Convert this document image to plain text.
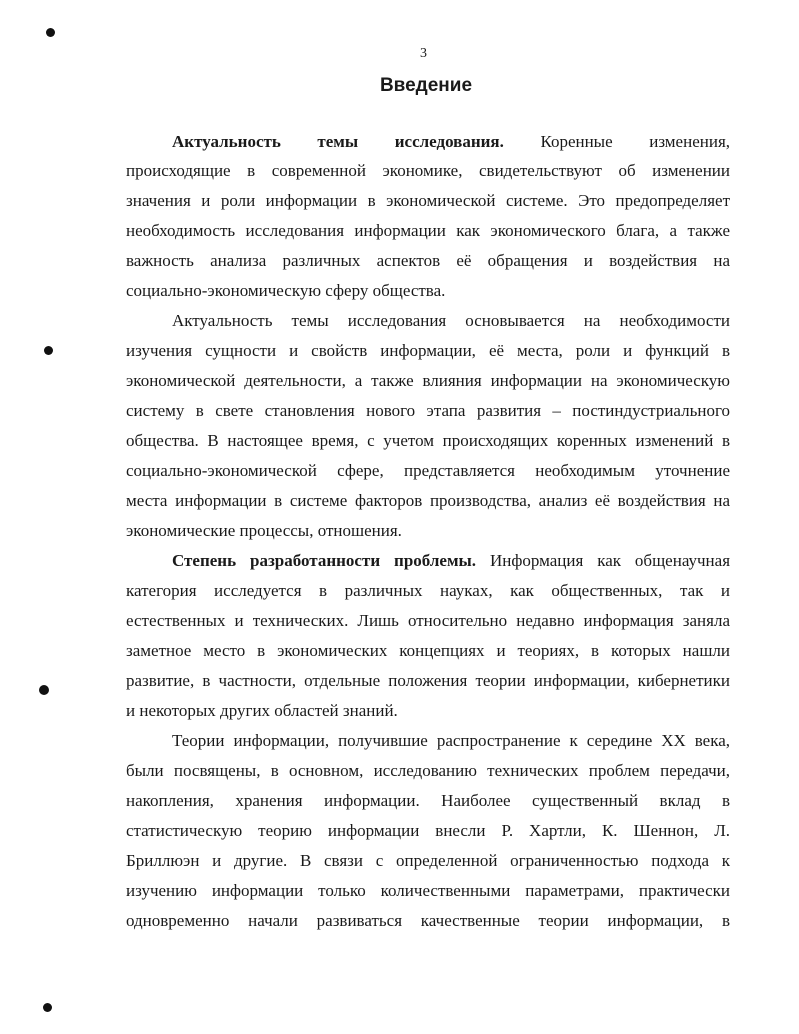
3
Введение
Актуальность темы исследования. Коренные изменения,
происходящие в современной экономике, свидетельствуют об изменении
значения и роли информации в экономической системе. Это предопределяет
необходимость исследования информации как экономического блага, а также
важность анализа различных аспектов её обращения и воздействия на
социально-экономическую сферу общества.
Актуальность темы исследования основывается на необходимости
изучения сущности и свойств информации, её места, роли и функций в
экономической деятельности, а также влияния информации на экономическую
систему в свете становления нового этапа развития – постиндустриального
общества. В настоящее время, с учетом происходящих коренных изменений в
социально-экономической сфере, представляется необходимым уточнение
места информации в системе факторов производства, анализ её воздействия на
экономические процессы, отношения.
Степень разработанности проблемы. Информация как общенаучная
категория исследуется в различных науках, как общественных, так и
естественных и технических. Лишь относительно недавно информация заняла
заметное место в экономических концепциях и теориях, в которых нашли
развитие, в частности, отдельные положения теории информации, кибернетики
и некоторых других областей знаний.
Теории информации, получившие распространение к середине XX века,
были посвящены, в основном, исследованию технических проблем передачи,
накопления, хранения информации. Наиболее существенный вклад в
статистическую теорию информации внесли Р. Хартли, К. Шеннон, Л.
Бриллюэн и другие. В связи с определенной ограниченностью подхода к
изучению информации только количественными параметрами, практически
одновременно начали развиваться качественные теории информации, в
